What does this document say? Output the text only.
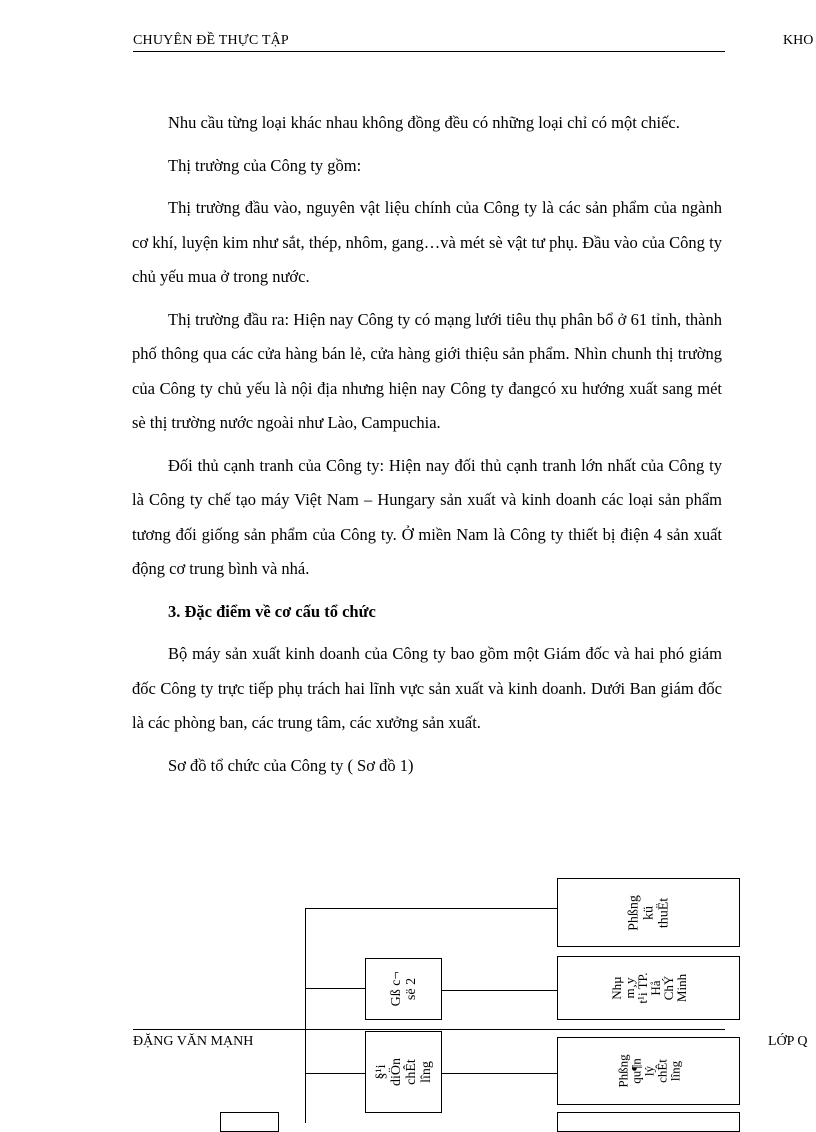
CHUYÊN ĐỀ THỰC TẬP	KHO

Nhu cầu từng loại khác nhau không đồng đều có những loại chỉ có một chiếc.

Thị trường của Công ty gồm:

Thị trường đầu vào, nguyên vật liệu chính của Công ty là các sản phẩm của ngành cơ khí, luyện kim như sắt, thép, nhôm, gang…và mét sè vật tư phụ. Đầu vào của Công ty chủ yếu mua ở trong nước.

Thị trường đầu ra: Hiện nay Công ty có mạng lưới tiêu thụ phân bổ ở 61 tỉnh, thành phố thông qua các cửa hàng bán lẻ, cửa hàng giới thiệu sản phẩm. Nhìn chunh thị trường của Công ty chủ yếu là nội địa nhưng hiện nay Công ty đangcó xu hướng xuất sang mét sè thị trường nước ngoài như Lào, Campuchia.

Đối thủ cạnh tranh của Công ty: Hiện nay đối thủ cạnh tranh lớn nhất của Công ty là Công ty chế tạo máy Việt Nam – Hungary sản xuất và kinh doanh các loại sản phẩm tương đối giống sản phẩm của Công ty. Ở miền Nam là Công ty thiết bị điện 4 sản xuất động cơ trung bình và nhá.

3. Đặc điểm về cơ cấu tổ chức

Bộ máy sản xuất kinh doanh của Công ty bao gồm một Giám đốc và hai phó giám đốc Công ty trực tiếp phụ trách hai lĩnh vực sản xuất và kinh doanh. Dưới Ban giám đốc là các phòng ban, các trung tâm, các xưởng sản xuất.

Sơ đồ tổ chức của Công ty ( Sơ đồ 1)

Phßng
kü
thuËt
Gß c¬
së 2	Nhµ
m¸y
t¹i TP.
Hå
ChÝ
Minh
§¹i diÖn
chÊt
lîng	Phßng
qu¶n
lý
chÊt
lîng
ĐẶNG VĂN MẠNH	LỚP Q
